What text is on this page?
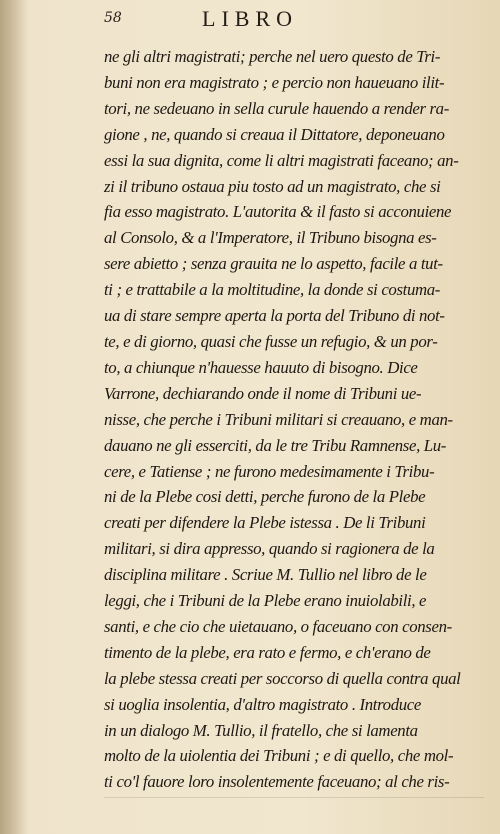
58	LIBRO
ne gli altri magistrati; perche nel uero questo de Tri-
buni non era magistrato ; e percio non haueuano ilit-
tori, ne sedeuano in sella curule hauendo a render ra-
gione , ne, quando si creaua il Dittatore, deponeuano
essi la sua dignita, come li altri magistrati faceano; an-
zi il tribuno ostaua piu tosto ad un magistrato, che si
fia esso magistrato. L'autorita & il fasto si acconuiene
al Consolo, & a l'Imperatore, il Tribuno bisogna es-
sere abietto ; senza grauita ne lo aspetto, facile a tut-
ti ; e trattabile a la moltitudine, la donde si costuma-
ua di stare sempre aperta la porta del Tribuno di not-
te, e di giorno, quasi che fusse un refugio, & un por-
to, a chiunque n'hauesse hauuto di bisogno. Dice
Varrone, dechiarando onde il nome di Tribuni ue-
nisse, che perche i Tribuni militari si creauano, e man-
dauano ne gli esserciti, da le tre Tribu Ramnense, Lu-
cere, e Tatiense ; ne furono medesimamente i Tribu-
ni de la Plebe cosi detti, perche furono de la Plebe
creati per difendere la Plebe istessa . De li Tribuni
militari, si dira appresso, quando si ragionera de la
disciplina militare . Scriue M. Tullio nel libro de le
leggi, che i Tribuni de la Plebe erano inuiolabili, e
santi, e che cio che uietauano, o faceuano con consen-
timento de la plebe, era rato e fermo, e ch'erano de
la plebe stessa creati per soccorso di quella contra qual
si uoglia insolentia, d'altro magistrato . Introduce
in un dialogo M. Tullio, il fratello, che si lamenta
molto de la uiolentia dei Tribuni ; e di quello, che mol-
ti co'l fauore loro insolentemente faceuano; al che ris-
